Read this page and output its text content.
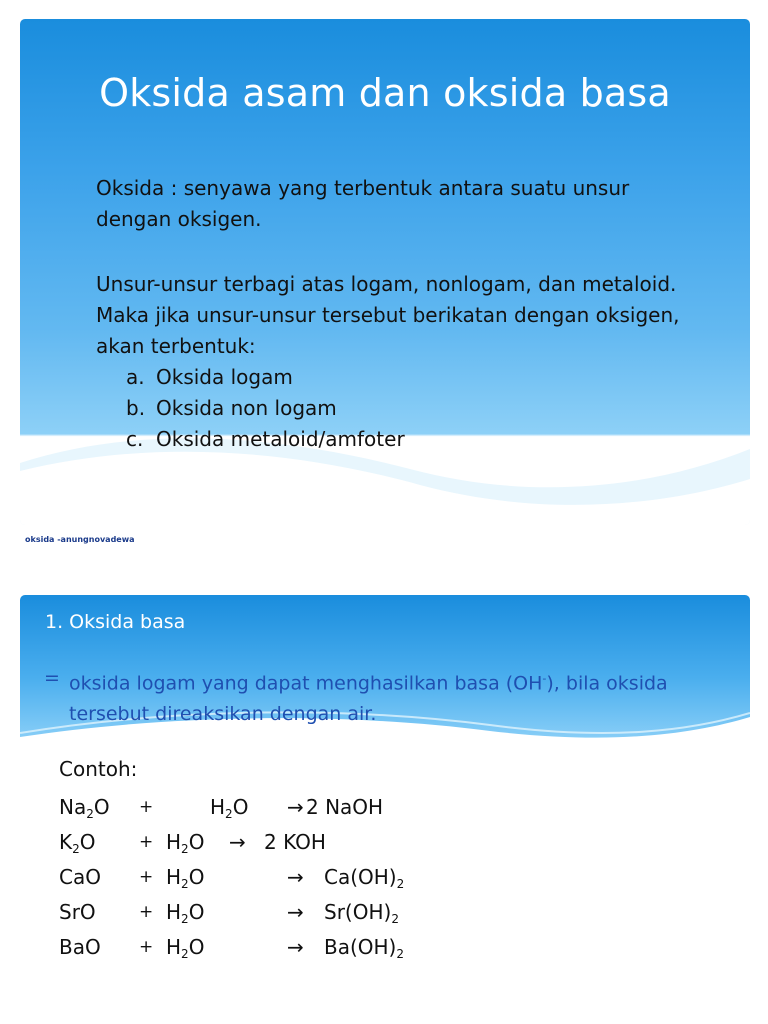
Oksida asam dan oksida basa

Oksida : senyawa yang terbentuk antara suatu unsur dengan oksigen.

Unsur-unsur terbagi atas logam, nonlogam, dan metaloid. Maka jika unsur-unsur tersebut berikatan dengan oksigen, akan terbentuk:

a. Oksida logam
b. Oksida non logam
c. Oksida metaloid/amfoter
oksida -anungnovadewa
1. Oksida basa
= oksida logam yang dapat menghasilkan basa (OH-), bila oksida tersebut direaksikan dengan air.
Contoh:
$Na_2O$ +	$H_2O \to 2$ NaOH
$K_2O$	+ $H_2O \to 2$ KOH
CaO + $H_2O$	→ $Ca(OH)_2$
SrO	+ $H_2O$	→ $Sr(OH)_2$
BaO + $H_2O$	→ $Ba(OH)_2$
